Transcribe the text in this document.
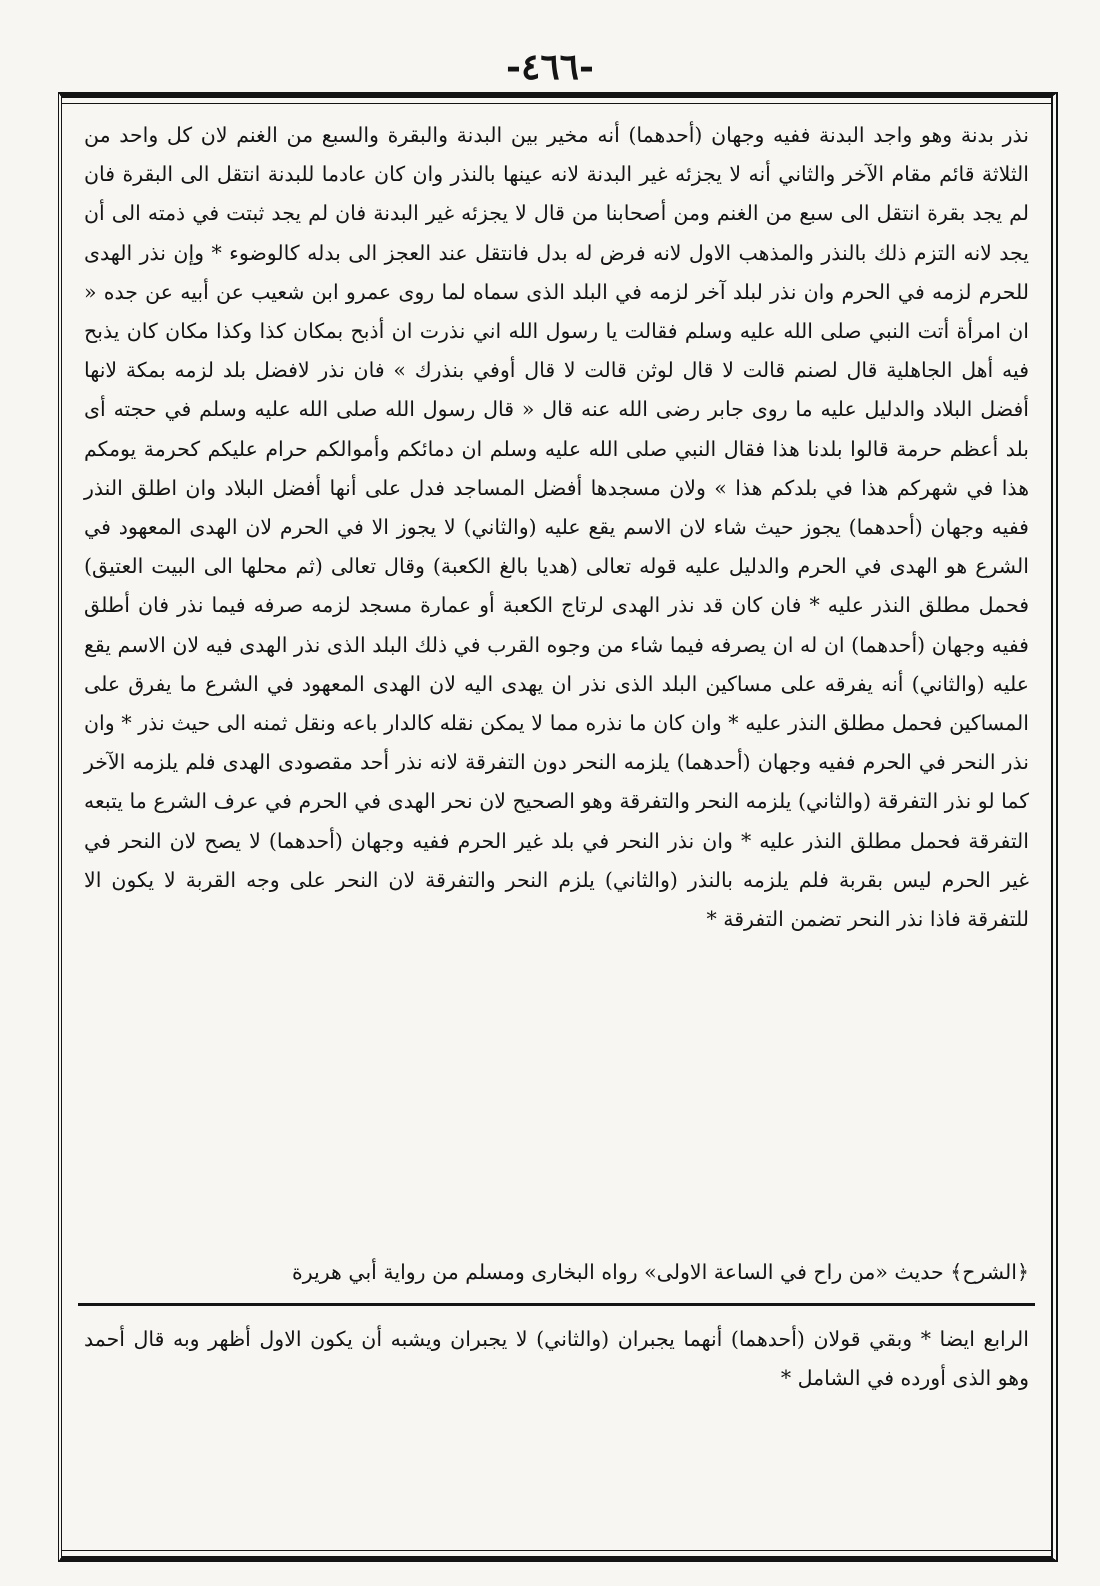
-٤٦٦-

نذر بدنة وهو واجد البدنة ففيه وجهان (أحدهما) أنه مخير بين البدنة والبقرة والسبع من الغنم لان كل واحد من الثلاثة قائم مقام الآخر والثاني أنه لا يجزئه غير البدنة لانه عينها بالنذر وان كان عادما للبدنة انتقل الى البقرة فان لم يجد بقرة انتقل الى سبع من الغنم ومن أصحابنا من قال لا يجزئه غير البدنة فان لم يجد ثبتت في ذمته الى أن يجد لانه التزم ذلك بالنذر والمذهب الاول لانه فرض له بدل فانتقل عند العجز الى بدله كالوضوء * وإن نذر الهدى للحرم لزمه في الحرم وان نذر لبلد آخر لزمه في البلد الذى سماه لما روى عمرو ابن شعيب عن أبيه عن جده « ان امرأة أتت النبي صلى الله عليه وسلم فقالت يا رسول الله اني نذرت ان أذبح بمكان كذا وكذا مكان كان يذبح فيه أهل الجاهلية قال لصنم قالت لا قال لوثن قالت لا قال أوفي بنذرك » فان نذر لافضل بلد لزمه بمكة لانها أفضل البلاد والدليل عليه ما روى جابر رضى الله عنه قال « قال رسول الله صلى الله عليه وسلم في حجته أى بلد أعظم حرمة قالوا بلدنا هذا فقال النبي صلى الله عليه وسلم ان دمائكم وأموالكم حرام عليكم كحرمة يومكم هذا في شهركم هذا في بلدكم هذا » ولان مسجدها أفضل المساجد فدل على أنها أفضل البلاد وان اطلق النذر ففيه وجهان (أحدهما) يجوز حيث شاء لان الاسم يقع عليه (والثاني) لا يجوز الا في الحرم لان الهدى المعهود في الشرع هو الهدى في الحرم والدليل عليه قوله تعالى (هديا بالغ الكعبة) وقال تعالى (ثم محلها الى البيت العتيق) فحمل مطلق النذر عليه * فان كان قد نذر الهدى لرتاج الكعبة أو عمارة مسجد لزمه صرفه فيما نذر فان أطلق ففيه وجهان (أحدهما) ان له ان يصرفه فيما شاء من وجوه القرب في ذلك البلد الذى نذر الهدى فيه لان الاسم يقع عليه (والثاني) أنه يفرقه على مساكين البلد الذى نذر ان يهدى اليه لان الهدى المعهود في الشرع ما يفرق على المساكين فحمل مطلق النذر عليه * وان كان ما نذره مما لا يمكن نقله كالدار باعه ونقل ثمنه الى حيث نذر * وان نذر النحر في الحرم ففيه وجهان (أحدهما) يلزمه النحر دون التفرقة لانه نذر أحد مقصودى الهدى فلم يلزمه الآخر كما لو نذر التفرقة (والثاني) يلزمه النحر والتفرقة وهو الصحيح لان نحر الهدى في الحرم في عرف الشرع ما يتبعه التفرقة فحمل مطلق النذر عليه * وان نذر النحر في بلد غير الحرم ففيه وجهان (أحدهما) لا يصح لان النحر في غير الحرم ليس بقربة فلم يلزمه بالنذر (والثاني) يلزم النحر والتفرقة لان النحر على وجه القربة لا يكون الا للتفرقة فاذا نذر النحر تضمن التفرقة *

﴿الشرح﴾ حديث «من راح في الساعة الاولى» رواه البخارى ومسلم من رواية أبي هريرة
الرابع ايضا * وبقي قولان (أحدهما) أنهما يجبران (والثاني) لا يجبران ويشبه أن يكون الاول أظهر وبه قال أحمد وهو الذى أورده في الشامل *
